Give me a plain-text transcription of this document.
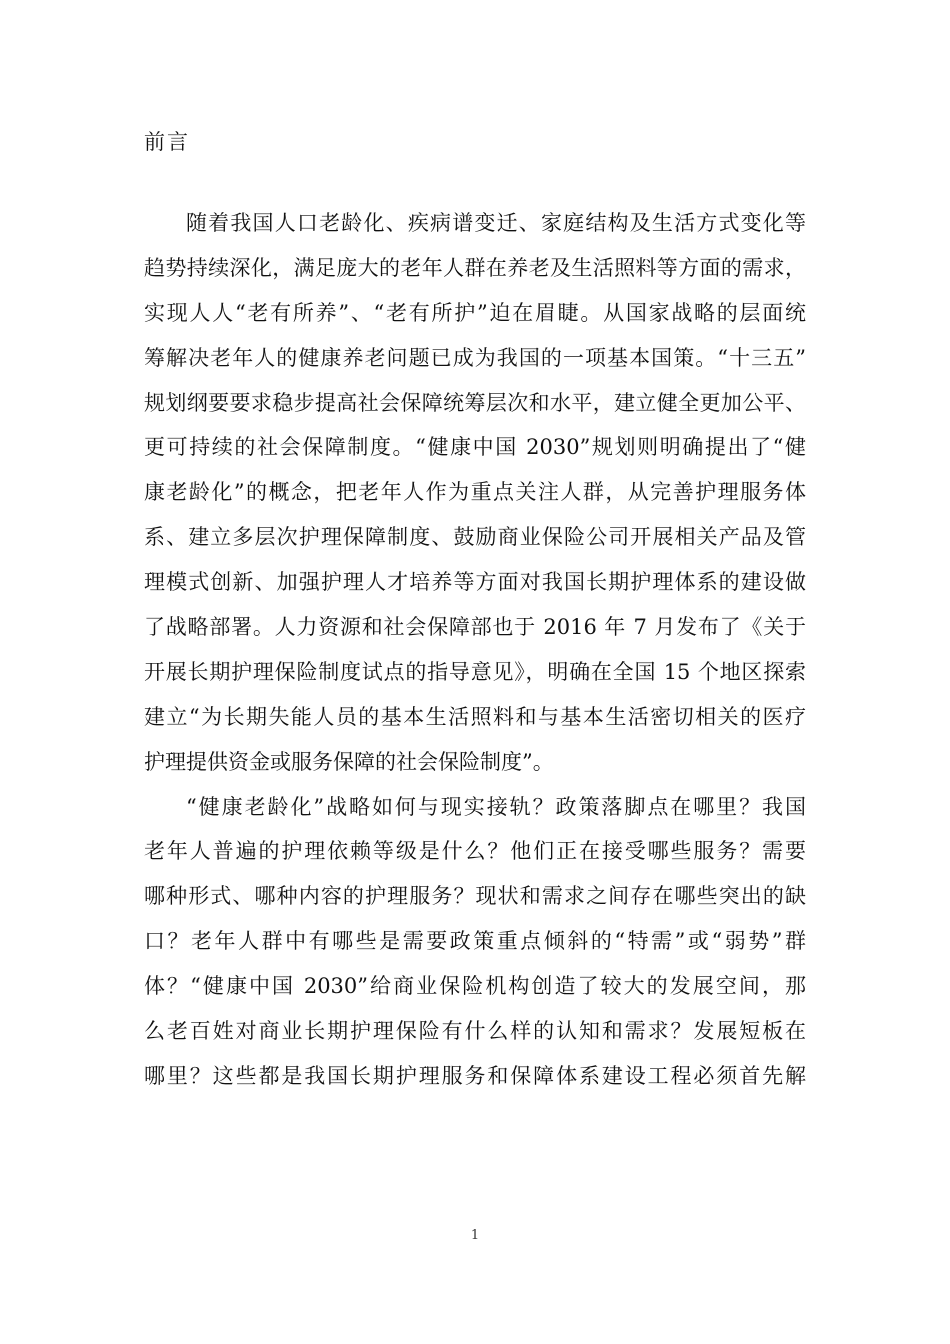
前言
随着我国人口老龄化、疾病谱变迁、家庭结构及生活方式变化等
趋势持续深化，满足庞大的老年人群在养老及生活照料等方面的需求，
实现人人“老有所养”、“老有所护”迫在眉睫。从国家战略的层面统
筹解决老年人的健康养老问题已成为我国的一项基本国策。“十三五”
规划纲要要求稳步提高社会保障统筹层次和水平，建立健全更加公平、
更可持续的社会保障制度。“健康中国 2030”规划则明确提出了“健
康老龄化”的概念，把老年人作为重点关注人群，从完善护理服务体
系、建立多层次护理保障制度、鼓励商业保险公司开展相关产品及管
理模式创新、加强护理人才培养等方面对我国长期护理体系的建设做
了战略部署。人力资源和社会保障部也于 2016 年 7 月发布了《关于
开展长期护理保险制度试点的指导意见》，明确在全国 15 个地区探索
建立“为长期失能人员的基本生活照料和与基本生活密切相关的医疗
护理提供资金或服务保障的社会保险制度”。
“健康老龄化”战略如何与现实接轨？政策落脚点在哪里？我国
老年人普遍的护理依赖等级是什么？他们正在接受哪些服务？需要
哪种形式、哪种内容的护理服务？现状和需求之间存在哪些突出的缺
口？老年人群中有哪些是需要政策重点倾斜的“特需”或“弱势”群
体？“健康中国 2030”给商业保险机构创造了较大的发展空间，那
么老百姓对商业长期护理保险有什么样的认知和需求？发展短板在
哪里？这些都是我国长期护理服务和保障体系建设工程必须首先解
1
